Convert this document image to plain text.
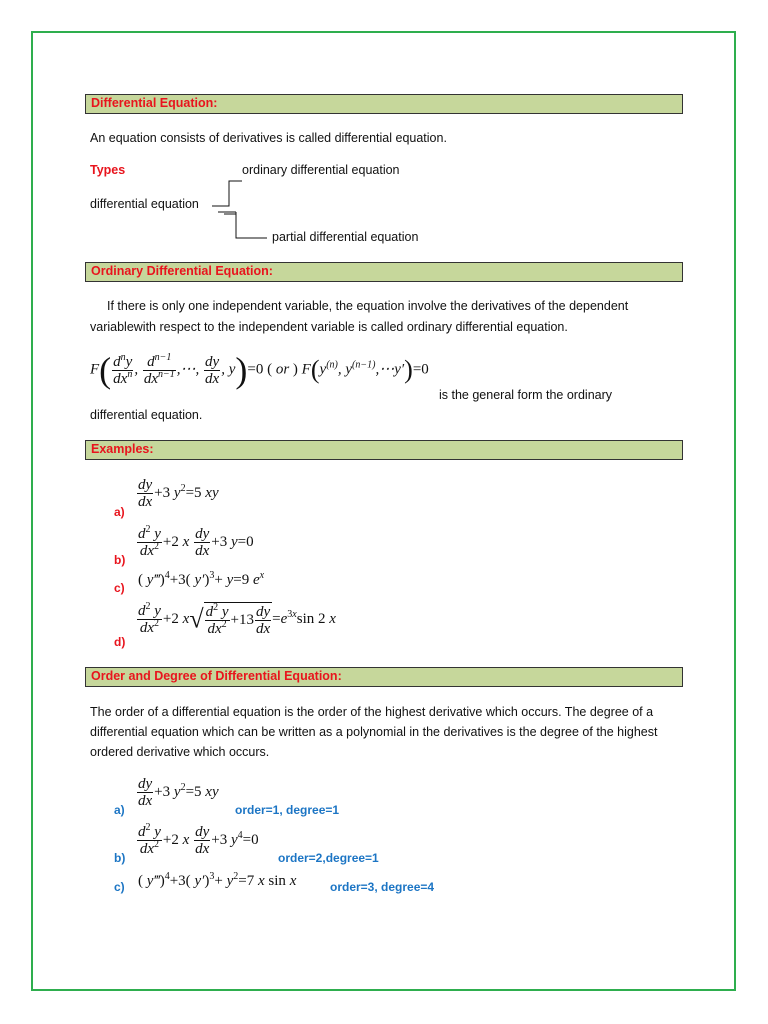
Differential Equation:
An equation consists of derivatives is called differential equation.
Types	ordinary differential equation
differential equation
partial differential equation
Ordinary Differential Equation:
If there is only one independent variable, the equation involve the derivatives of the dependent
variablewith respect to the independent variable is called ordinary differential equation.
$F( \frac{d^ny}{dx^n}$ , $\frac{d^{n-1}}{dx^{n-1}}$ ,⋯, $\frac{dy}{dx}$ , y)=0 ( or ) $F(y^{(n)}$, $y^{(n-1)},\cdots y')=0$
is the general form the ordinary
differential equation.
Examples:
a)
$\frac{dy}{dx} +3$ $y^2=5$ xy
b)
$\frac{d^2 y}{dx^2} +2$ x $\frac{dy}{dx} +3$ y=0
c) ( y‴)$^4$+3( y′)$^3$+ y=9 $e^x$
d)
$\frac{d^2 y}{dx^2} +2$ $x√ \frac{d^2 y}{dx^2} +13 \frac{dy}{dx} =e^{3x}\sin$ 2 x
Order and Degree of Differential Equation:
The order of a differential equation is the order of the highest derivative which occurs. The degree of a
differential equation which can be written as a polynomial in the derivatives is the degree of the highest
ordered derivative which occurs.
a)
$\frac{dy}{dx} +3$ $y^2=5$ xy
order=1, degree=1
b)
$\frac{d^2 y}{dx^2} +2$ x $\frac{dy}{dx} +3$ $y^4=0$
order=2,degree=1
c) ( y‴)$^4$+3( $y')^3+ y^2=7$ x sin x	order=3, degree=4
